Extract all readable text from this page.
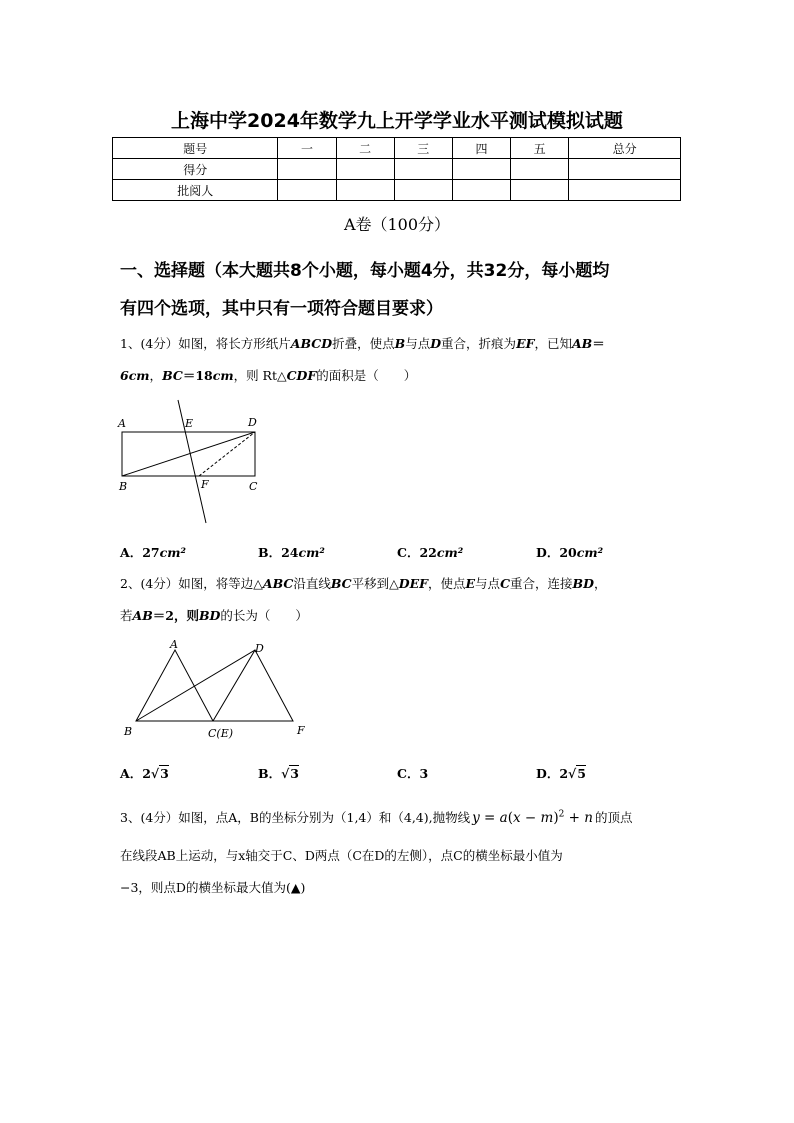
上海中学2024年数学九上开学学业水平测试模拟试题
题号	一	二	三	四	五	总分
得分						
批阅人						
A卷（100分）
一、选择题（本大题共8个小题，每小题4分，共32分，每小题均
有四个选项，其中只有一项符合题目要求）
1、(4分）如图，将长方形纸片ABCD折叠，使点B与点D重合，折痕为EF，已知AB＝
6cm，BC＝18cm，则 Rt△CDF的面积是（　　）
A	E	D
B	F	C
A．27cm²	B．24cm²	C．22cm²	D．20cm²
2、(4分）如图，将等边△ABC沿直线BC平移到△DEF，使点E与点C重合，连接BD，
若AB＝2，则BD的长为（　　）
A	D
B	C(E)	F
A．2√3	B．√3	C．3	D．2√5
3、(4分）如图，点A，B的坐标分别为（1,4）和（4,4),抛物线 $y = a(x - m)^2 + n$ 的顶点
在线段AB上运动，与x轴交于C、D两点（C在D的左侧），点C的横坐标最小值为
−3，则点D的横坐标最大值为(▲)
